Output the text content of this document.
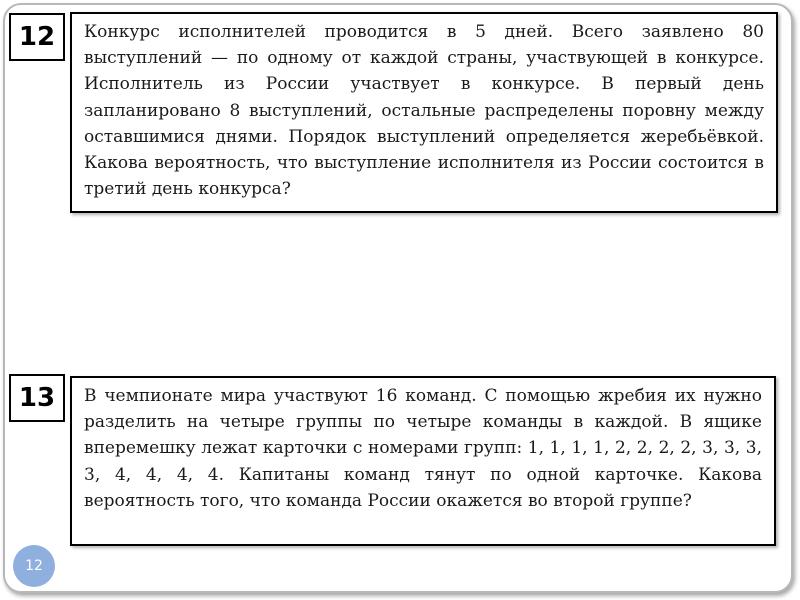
12	Конкурс исполнителей проводится в 5 дней. Всего заявлено 80 выступлений — по одному от каждой страны, участвующей в конкурсе. Исполнитель из России участвует в конкурсе. В первый день запланировано 8 выступлений, остальные распределены поровну между оставшимися днями. Порядок выступлений определяется жеребьёвкой. Какова вероятность, что выступление исполнителя из России состоится в третий день конкурса?
13	В чемпионате мира участвуют 16 команд. С помощью жребия их нужно разделить на четыре группы по четыре команды в каждой. В ящике вперемешку лежат карточки с номерами групп: 1, 1, 1, 1, 2, 2, 2, 2, 3, 3, 3, 3, 4, 4, 4, 4. Капитаны команд тянут по одной карточке. Какова вероятность того, что команда России окажется во второй группе?
12
